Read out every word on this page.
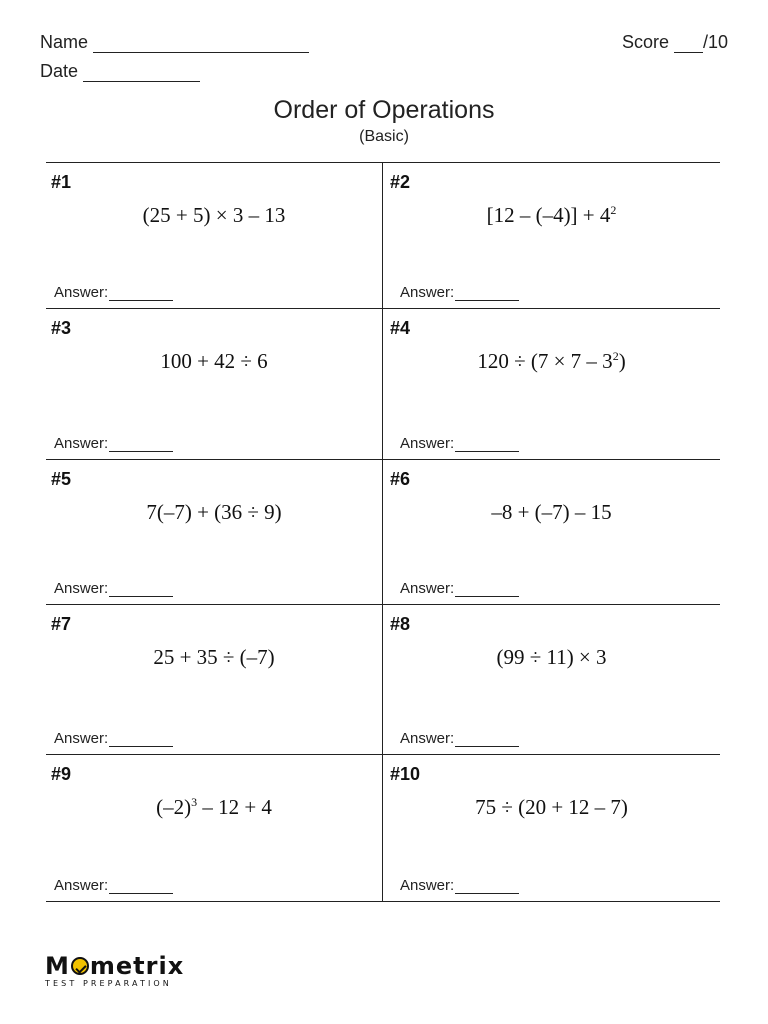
Name
Date
Score /10
Order of Operations
(Basic)
#1
(25 + 5) × 3 – 13
Answer:
#2
$[12 - (-4)] + 4^2$
Answer:
#3
100 + 42 ÷ 6
Answer:
#4
$120 \div (7 \times 7 - 3^2)$
Answer:
#5
7(–7) + (36 ÷ 9)
Answer:
#6
–8 + (–7) – 15
Answer:
#7
25 + 35 ÷ (–7)
Answer:
#8
(99 ÷ 11) × 3
Answer:
#9
$(-2)^3 - 12 + 4$
Answer:
#10
75 ÷ (20 + 12 – 7)
Answer:
M metrix
TEST PREPARATION
